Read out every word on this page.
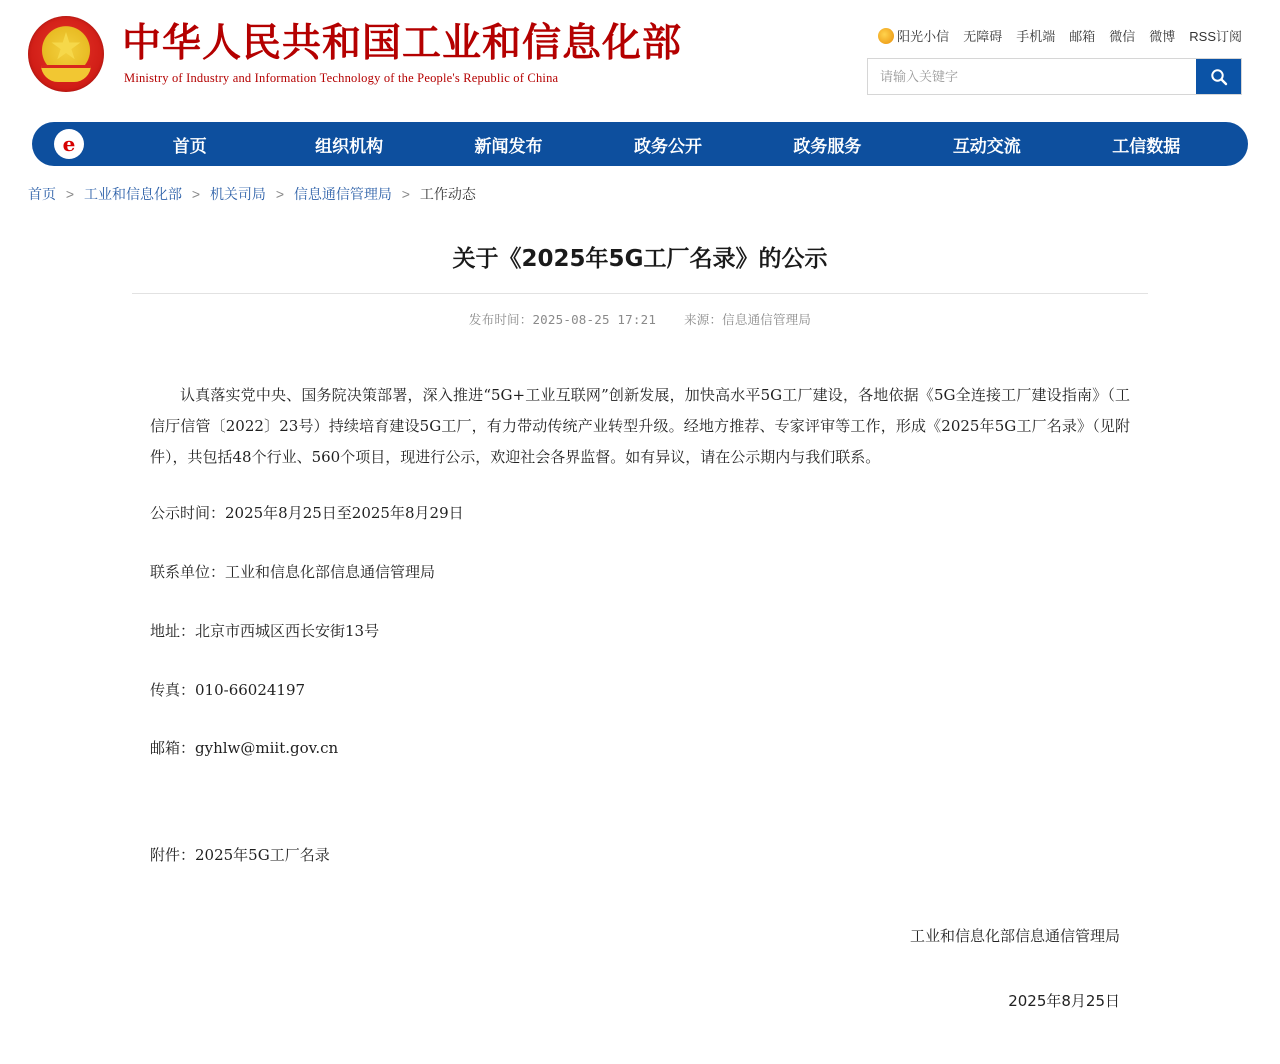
中华人民共和国工业和信息化部
Ministry of Industry and Information Technology of the People's Republic of China
阳光小信 无障碍 手机端 邮箱 微信 微博 RSS订阅
请输入关键字
e	首页	组织机构	新闻发布	政务公开	政务服务	互动交流	工信数据
首页 > 工业和信息化部 > 机关司局 > 信息通信管理局 > 工作动态
关于《2025年5G工厂名录》的公示
发布时间：2025-08-25 17:21 来源：信息通信管理局

认真落实党中央、国务院决策部署，深入推进“5G+工业互联网”创新发展，加快高水平5G工厂建设，各地依据《5G全连接工厂建设指南》（工信厅信管〔2022〕23号）持续培育建设5G工厂，有力带动传统产业转型升级。经地方推荐、专家评审等工作，形成《2025年5G工厂名录》（见附件），共包括48个行业、560个项目，现进行公示，欢迎社会各界监督。如有异议，请在公示期内与我们联系。

公示时间：2025年8月25日至2025年8月29日

联系单位：工业和信息化部信息通信管理局

地址：北京市西城区西长安街13号

传真：010-66024197

邮箱：gyhlw@miit.gov.cn

附件：2025年5G工厂名录

工业和信息化部信息通信管理局
2025年8月25日
